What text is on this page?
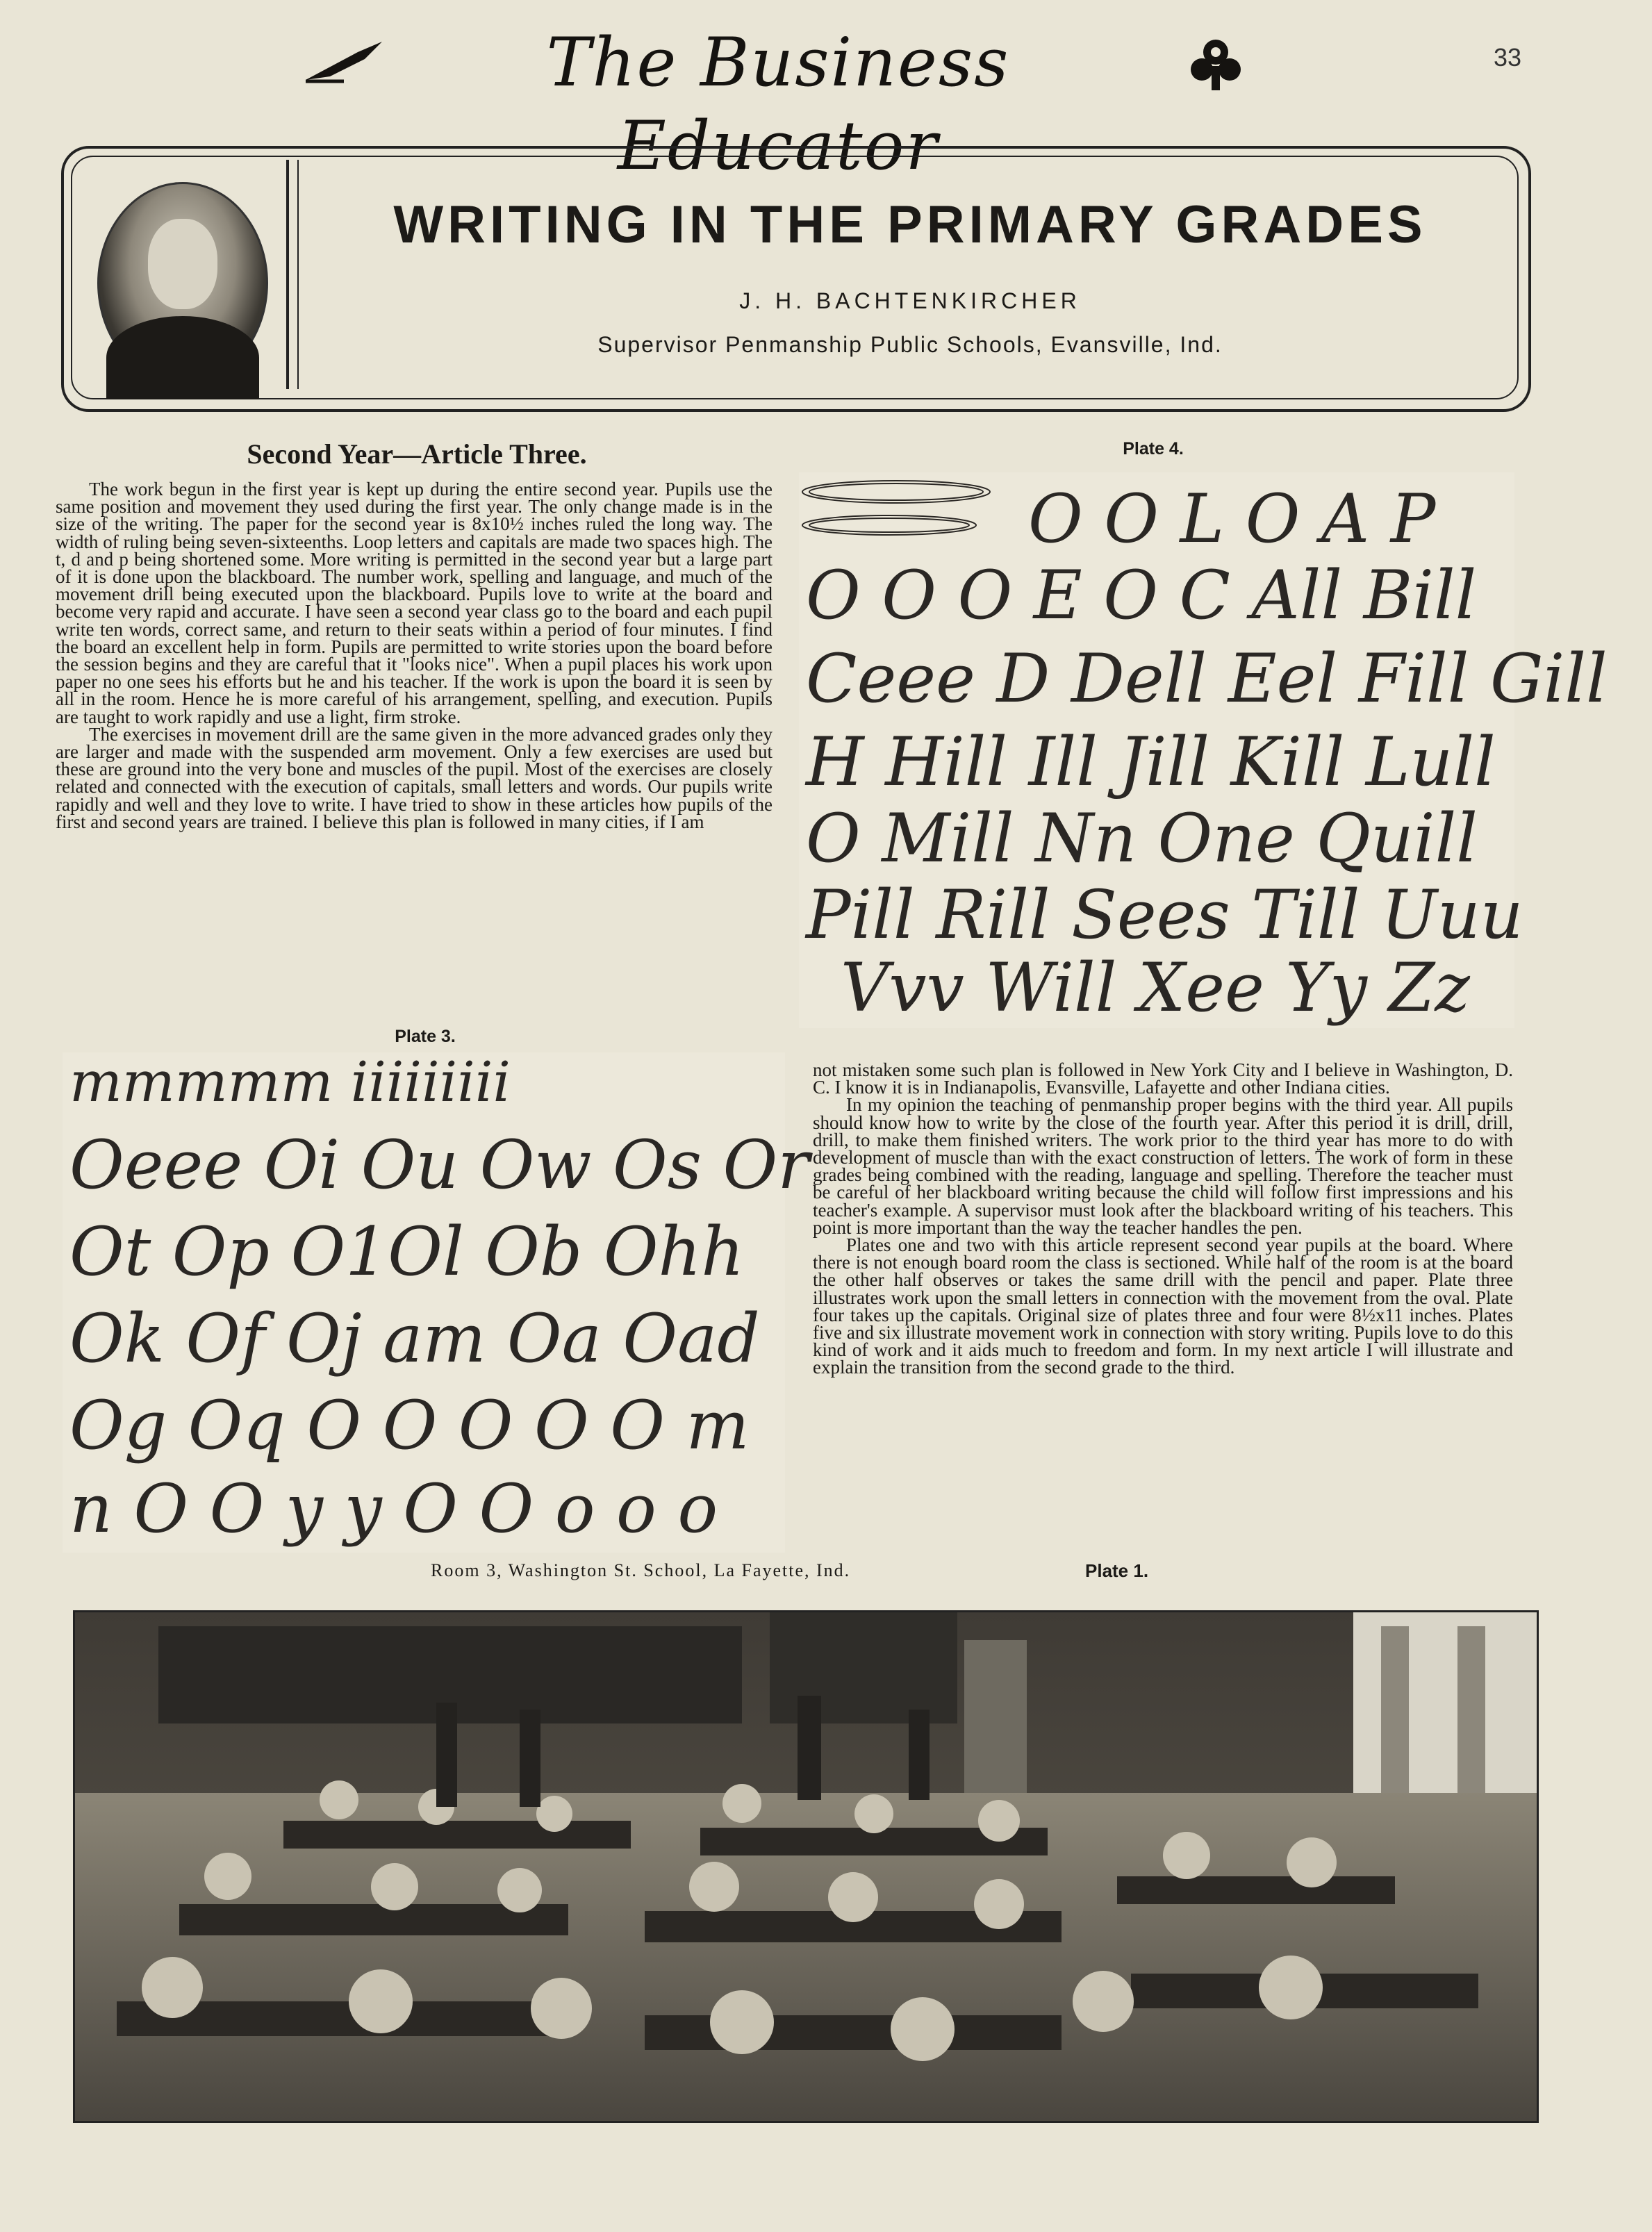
The Business Educator
33
WRITING IN THE PRIMARY GRADES
J. H. BACHTENKIRCHER
Supervisor Penmanship Public Schools, Evansville, Ind.
Second Year—Article Three.

The work begun in the first year is kept up during the entire second year. Pupils use the same position and movement they used during the first year. The only change made is in the size of the writing. The paper for the second year is 8x10½ inches ruled the long way. The width of ruling being seven-sixteenths. Loop letters and capitals are made two spaces high. The t, d and p being shortened some. More writing is permitted in the second year but a large part of it is done upon the blackboard. The number work, spelling and language, and much of the movement drill being executed upon the blackboard. Pupils love to write at the board and become very rapid and accurate. I have seen a second year class go to the board and each pupil write ten words, correct same, and return to their seats within a period of four minutes. I find the board an excellent help in form. Pupils are permitted to write stories upon the board before the session begins and they are careful that it "looks nice". When a pupil places his work upon paper no one sees his efforts but he and his teacher. If the work is upon the board it is seen by all in the room. Hence he is more careful of his arrangement, spelling, and execution. Pupils are taught to work rapidly and use a light, firm stroke.

The exercises in movement drill are the same given in the more advanced grades only they are larger and made with the suspended arm movement. Only a few exercises are used but these are ground into the very bone and muscles of the pupil. Most of the exercises are closely related and connected with the execution of capitals, small letters and words. Our pupils write rapidly and well and they love to write. I have tried to show in these articles how pupils of the first and second years are trained. I believe this plan is followed in many cities, if I am

Plate 4.
O O L O A P
O O O E O C All Bill
Ceee D Dell Eel Fill Gill
H Hill Ill Jill Kill Lull
O Mill Nn One Quill
Pill Rill Sees Till Uuu
Vvv Will Xee Yy Zz
Plate 3.
mmmmm iiiiiiiii
Oeee Oi Ou Ow Os Or
Ot Op O1Ol Ob Ohh
Ok Of Oj am Oa Oad
Og Oq O O O O O m
n O O y y O O o o o

not mistaken some such plan is followed in New York City and I believe in Washington, D. C. I know it is in Indianapolis, Evansville, Lafayette and other Indiana cities.

In my opinion the teaching of penmanship proper begins with the third year. All pupils should know how to write by the close of the fourth year. After this period it is drill, drill, drill, to make them finished writers. The work prior to the third year has more to do with development of muscle than with the exact construction of letters. The work of form in these grades being combined with the reading, language and spelling. Therefore the teacher must be careful of her blackboard writing because the child will follow first impressions and his teacher's example. A supervisor must look after the blackboard writing of his teachers. This point is more important than the way the teacher handles the pen.

Plates one and two with this article represent second year pupils at the board. Where there is not enough board room the class is sectioned. While half of the room is at the board the other half observes or takes the same drill with the pencil and paper. Plate three illustrates work upon the small letters in connection with the movement from the oval. Plate four takes up the capitals. Original size of plates three and four were 8½x11 inches. Plates five and six illustrate movement work in connection with story writing. Pupils love to do this kind of work and it aids much to freedom and form. In my next article I will illustrate and explain the transition from the second grade to the third.

Room 3, Washington St. School, La Fayette, Ind.	Plate 1.
